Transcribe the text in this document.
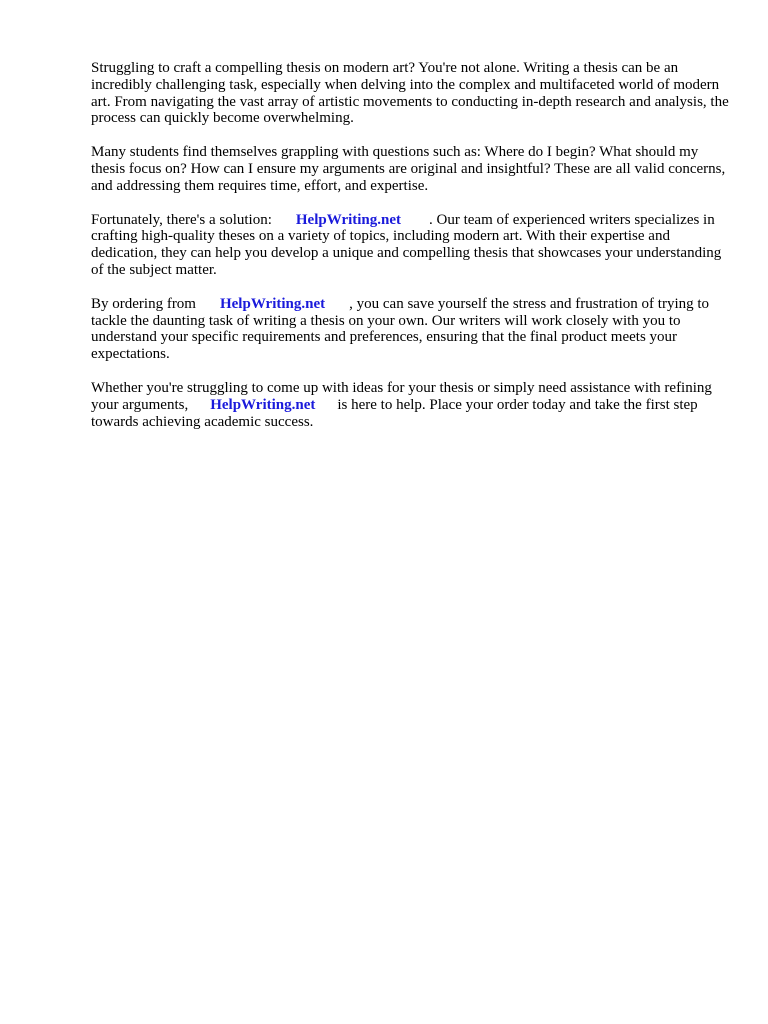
Struggling to craft a compelling thesis on modern art? You're not alone. Writing a thesis can be an incredibly challenging task, especially when delving into the complex and multifaceted world of modern art. From navigating the vast array of artistic movements to conducting in-depth research and analysis, the process can quickly become overwhelming.

Many students find themselves grappling with questions such as: Where do I begin? What should my thesis focus on? How can I ensure my arguments are original and insightful? These are all valid concerns, and addressing them requires time, effort, and expertise.

Fortunately, there's a solution: HelpWriting.net . Our team of experienced writers specializes in crafting high-quality theses on a variety of topics, including modern art. With their expertise and dedication, they can help you develop a unique and compelling thesis that showcases your understanding of the subject matter.

By ordering from HelpWriting.net , you can save yourself the stress and frustration of trying to tackle the daunting task of writing a thesis on your own. Our writers will work closely with you to understand your specific requirements and preferences, ensuring that the final product meets your expectations.

Whether you're struggling to come up with ideas for your thesis or simply need assistance with refining your arguments, HelpWriting.net is here to help. Place your order today and take the first step towards achieving academic success.
